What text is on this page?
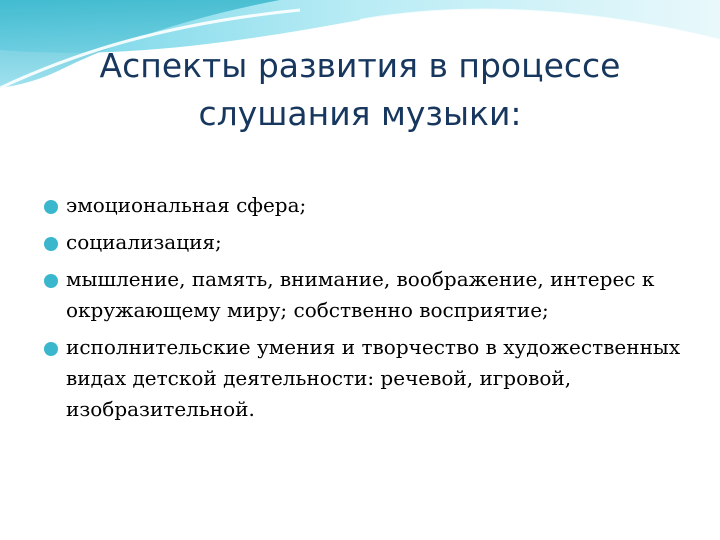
Аспекты развития в процессе слушания музыки:
эмоциональная сфера;
социализация;
мышление, память, внимание, воображение, интерес к окружающему миру; собственно восприятие;
исполнительские умения и творчество в художественных видах детской деятельности: речевой, игровой, изобразительной.
